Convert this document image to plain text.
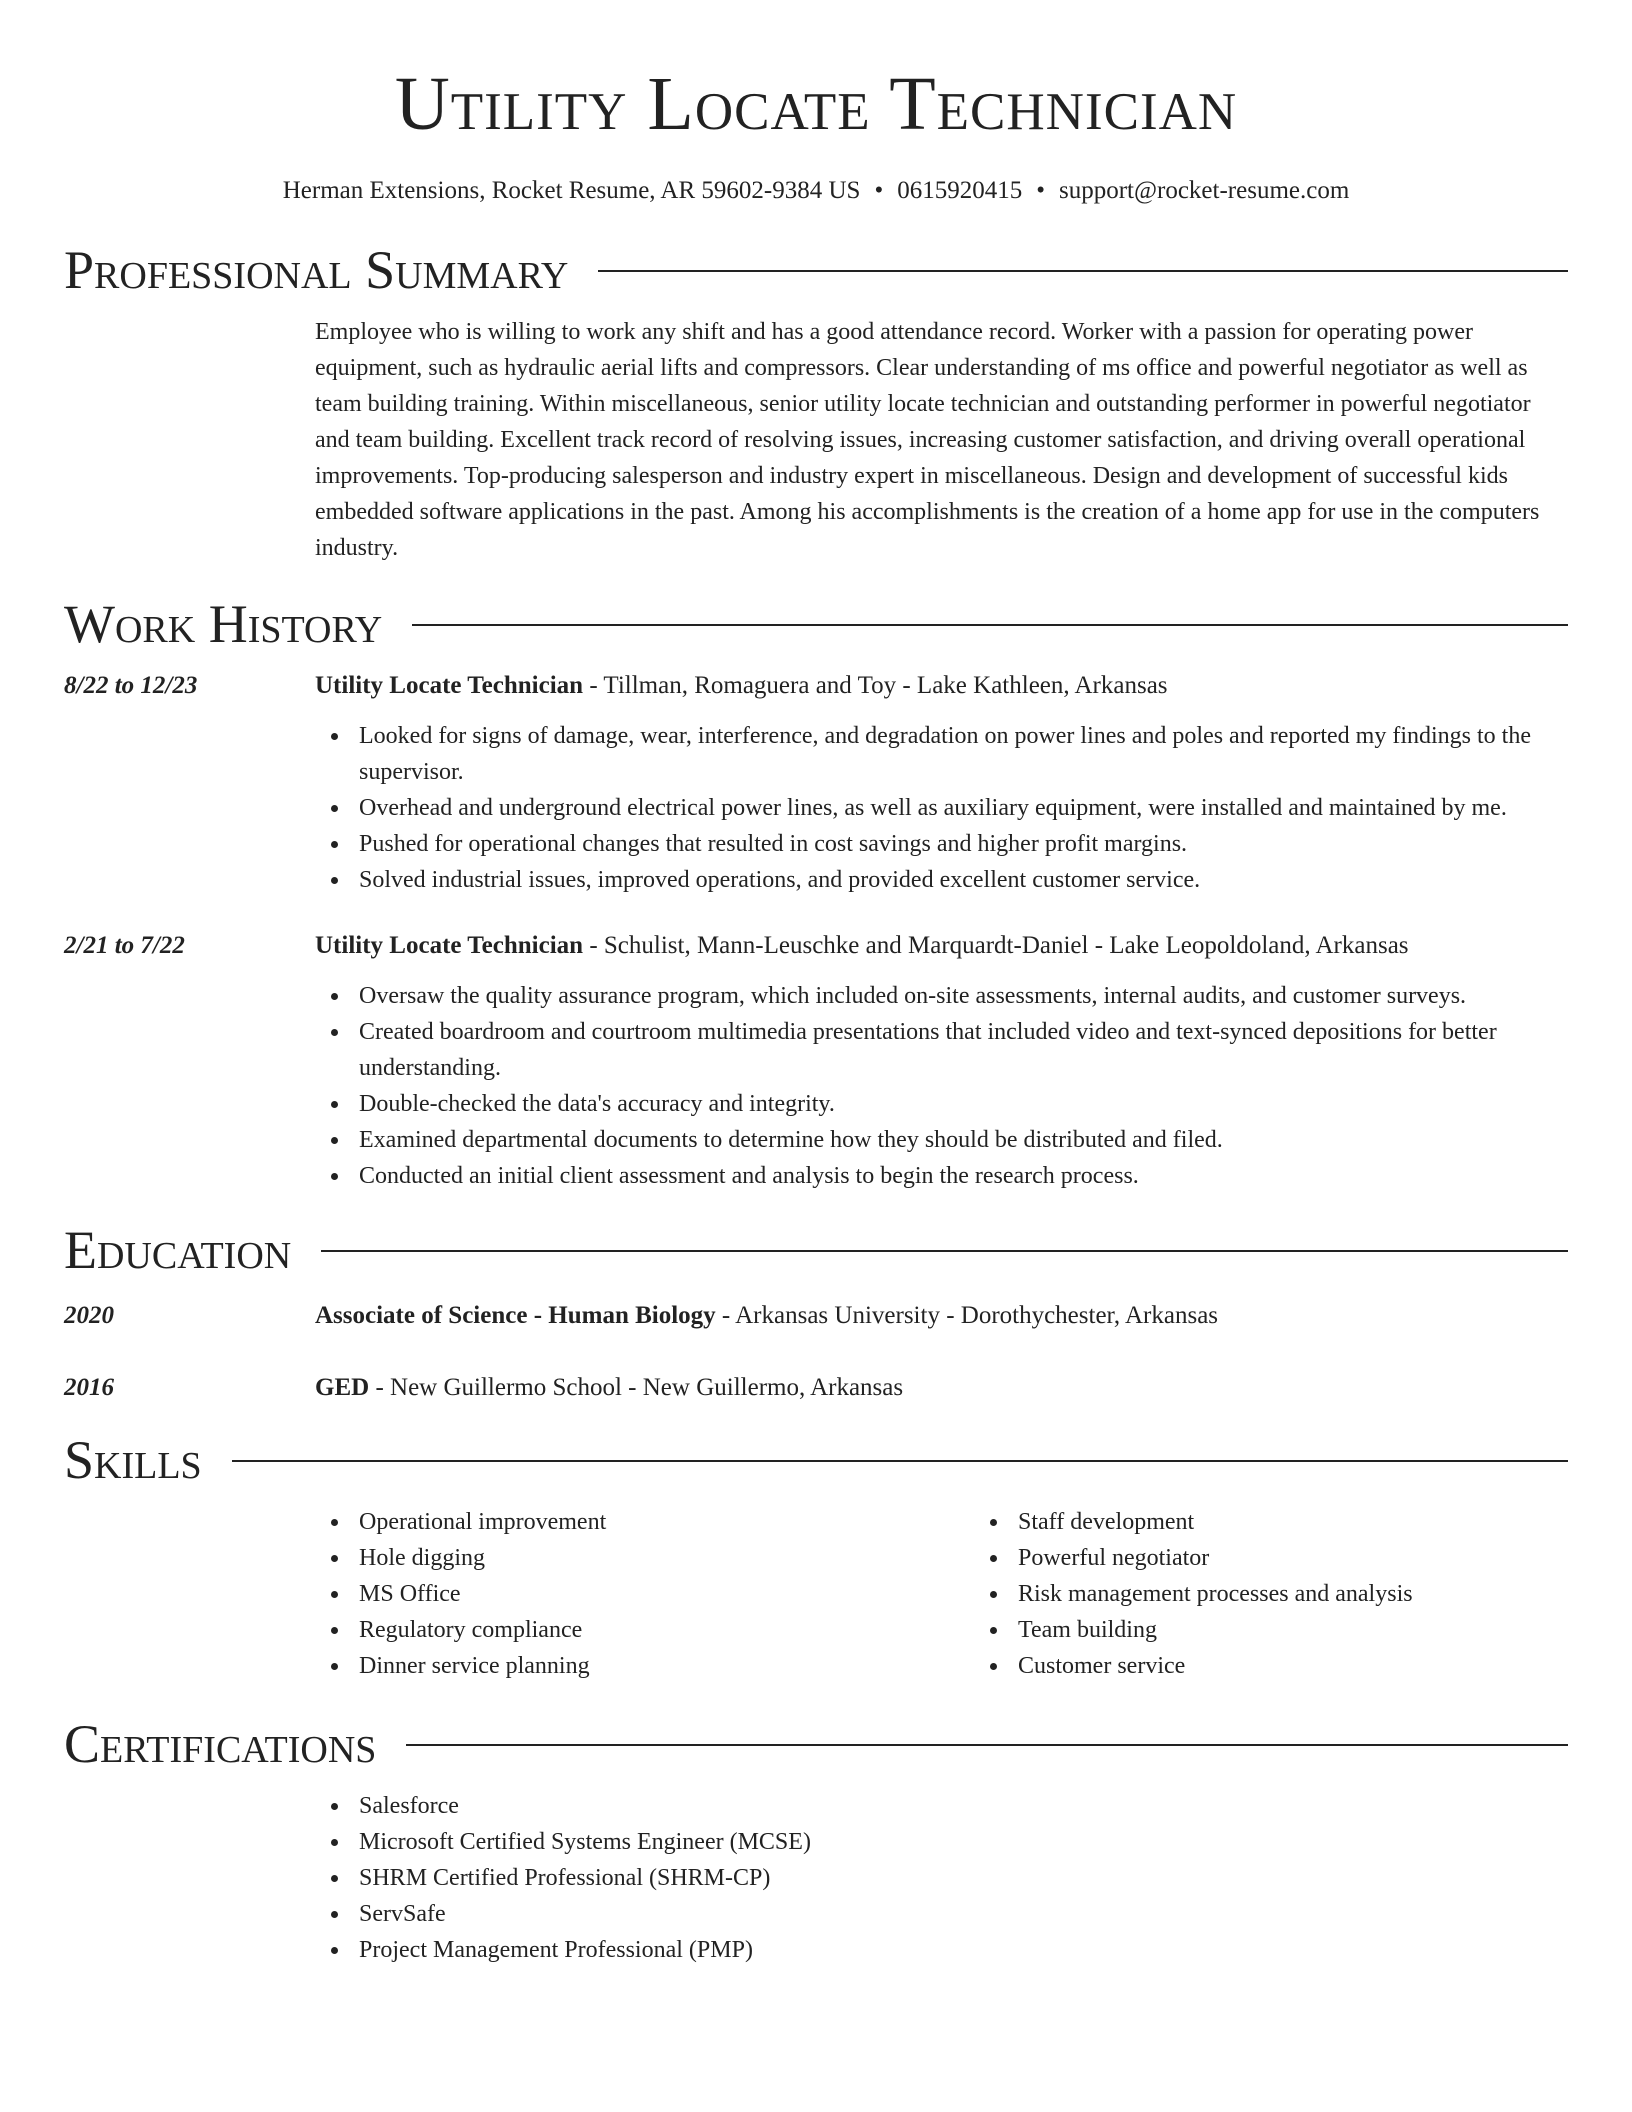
Utility Locate Technician
Herman Extensions, Rocket Resume, AR 59602-9384 US • 0615920415 • support@rocket-resume.com
Professional Summary

Employee who is willing to work any shift and has a good attendance record. Worker with a passion for operating power equipment, such as hydraulic aerial lifts and compressors. Clear understanding of ms office and powerful negotiator as well as team building training. Within miscellaneous, senior utility locate technician and outstanding performer in powerful negotiator and team building. Excellent track record of resolving issues, increasing customer satisfaction, and driving overall operational improvements. Top-producing salesperson and industry expert in miscellaneous. Design and development of successful kids embedded software applications in the past. Among his accomplishments is the creation of a home app for use in the computers industry.

Work History
8/22 to 12/23	Utility Locate Technician - Tillman, Romaguera and Toy - Lake Kathleen, Arkansas
Looked for signs of damage, wear, interference, and degradation on power lines and poles and reported my findings to the supervisor.
Overhead and underground electrical power lines, as well as auxiliary equipment, were installed and maintained by me.
Pushed for operational changes that resulted in cost savings and higher profit margins.
Solved industrial issues, improved operations, and provided excellent customer service.
2/21 to 7/22	Utility Locate Technician - Schulist, Mann-Leuschke and Marquardt-Daniel - Lake Leopoldoland, Arkansas
Oversaw the quality assurance program, which included on-site assessments, internal audits, and customer surveys.
Created boardroom and courtroom multimedia presentations that included video and text-synced depositions for better understanding.
Double-checked the data's accuracy and integrity.
Examined departmental documents to determine how they should be distributed and filed.
Conducted an initial client assessment and analysis to begin the research process.
Education
2020	Associate of Science - Human Biology - Arkansas University - Dorothychester, Arkansas
2016	GED - New Guillermo School - New Guillermo, Arkansas
Skills
Operational improvement
Hole digging
MS Office
Regulatory compliance
Dinner service planning
Staff development
Powerful negotiator
Risk management processes and analysis
Team building
Customer service
Certifications
Salesforce
Microsoft Certified Systems Engineer (MCSE)
SHRM Certified Professional (SHRM-CP)
ServSafe
Project Management Professional (PMP)
